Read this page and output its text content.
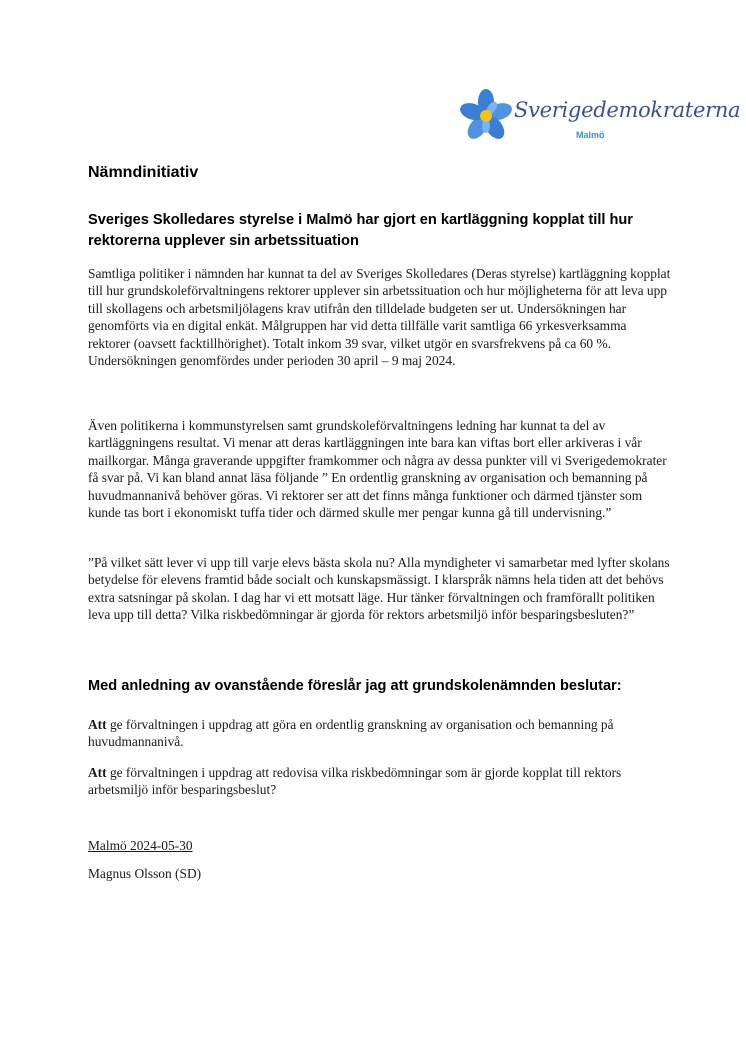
Sverigedemokraterna
Malmö
Nämndinitiativ
Sveriges Skolledares styrelse i Malmö har gjort en kartläggning kopplat till hur rektorerna upplever sin arbetssituation

Samtliga politiker i nämnden har kunnat ta del av Sveriges Skolledares (Deras styrelse) kartläggning kopplat till hur grundskoleförvaltningens rektorer upplever sin arbetssituation och hur möjligheterna för att leva upp till skollagens och arbetsmiljölagens krav utifrån den tilldelade budgeten ser ut. Undersökningen har genomförts via en digital enkät. Målgruppen har vid detta tillfälle varit samtliga 66 yrkesverksamma rektorer (oavsett facktillhörighet). Totalt inkom 39 svar, vilket utgör en svarsfrekvens på ca 60 %. Undersökningen genomfördes under perioden 30 april – 9 maj 2024.

Även politikerna i kommunstyrelsen samt grundskoleförvaltningens ledning har kunnat ta del av kartläggningens resultat. Vi menar att deras kartläggningen inte bara kan viftas bort eller arkiveras i vår mailkorgar. Många graverande uppgifter framkommer och några av dessa punkter vill vi Sverigedemokrater få svar på. Vi kan bland annat läsa följande ” En ordentlig granskning av organisation och bemanning på huvudmannanivå behöver göras. Vi rektorer ser att det finns många funktioner och därmed tjänster som kunde tas bort i ekonomiskt tuffa tider och därmed skulle mer pengar kunna gå till undervisning.”

”På vilket sätt lever vi upp till varje elevs bästa skola nu? Alla myndigheter vi samarbetar med lyfter skolans betydelse för elevens framtid både socialt och kunskapsmässigt. I klarspråk nämns hela tiden att det behövs extra satsningar på skolan. I dag har vi ett motsatt läge. Hur tänker förvaltningen och framförallt politiken leva upp till detta? Vilka riskbedömningar är gjorda för rektors arbetsmiljö inför besparingsbesluten?”

Med anledning av ovanstående föreslår jag att grundskolenämnden beslutar:

Att ge förvaltningen i uppdrag att göra en ordentlig granskning av organisation och bemanning på huvudmannanivå.

Att ge förvaltningen i uppdrag att redovisa vilka riskbedömningar som är gjorde kopplat till rektors arbetsmiljö inför besparingsbeslut?

Malmö 2024-05-30
Magnus Olsson (SD)
